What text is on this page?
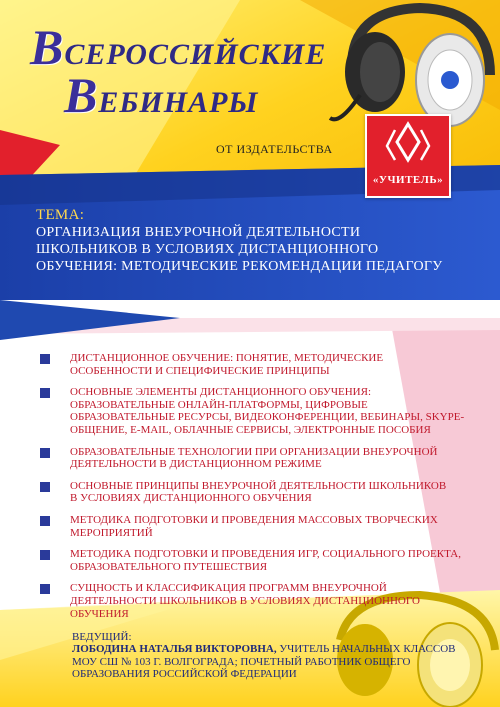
ВСЕРОССИЙСКИЕ
ВЕБИНАРЫ
ОТ ИЗДАТЕЛЬСТВА
«УЧИТЕЛЬ»
ТЕМА:
ОРГАНИЗАЦИЯ ВНЕУРОЧНОЙ ДЕЯТЕЛЬНОСТИ
ШКОЛЬНИКОВ В УСЛОВИЯХ ДИСТАНЦИОННОГО
ОБУЧЕНИЯ: МЕТОДИЧЕСКИЕ РЕКОМЕНДАЦИИ ПЕДАГОГУ
ДИСТАНЦИОННОЕ ОБУЧЕНИЕ: ПОНЯТИЕ, МЕТОДИЧЕСКИЕ
ОСОБЕННОСТИ И СПЕЦИФИЧЕСКИЕ ПРИНЦИПЫ
ОСНОВНЫЕ ЭЛЕМЕНТЫ ДИСТАНЦИОННОГО ОБУЧЕНИЯ:
ОБРАЗОВАТЕЛЬНЫЕ ОНЛАЙН-ПЛАТФОРМЫ, ЦИФРОВЫЕ
ОБРАЗОВАТЕЛЬНЫЕ РЕСУРСЫ, ВИДЕОКОНФЕРЕНЦИИ, ВЕБИНАРЫ, SKYPE-
ОБЩЕНИЕ, E-MAIL, ОБЛАЧНЫЕ СЕРВИСЫ, ЭЛЕКТРОННЫЕ ПОСОБИЯ
ОБРАЗОВАТЕЛЬНЫЕ ТЕХНОЛОГИИ ПРИ ОРГАНИЗАЦИИ ВНЕУРОЧНОЙ
ДЕЯТЕЛЬНОСТИ В ДИСТАНЦИОННОМ РЕЖИМЕ
ОСНОВНЫЕ ПРИНЦИПЫ ВНЕУРОЧНОЙ ДЕЯТЕЛЬНОСТИ ШКОЛЬНИКОВ
В УСЛОВИЯХ ДИСТАНЦИОННОГО ОБУЧЕНИЯ
МЕТОДИКА ПОДГОТОВКИ И ПРОВЕДЕНИЯ МАССОВЫХ ТВОРЧЕСКИХ
МЕРОПРИЯТИЙ
МЕТОДИКА ПОДГОТОВКИ И ПРОВЕДЕНИЯ ИГР, СОЦИАЛЬНОГО ПРОЕКТА,
ОБРАЗОВАТЕЛЬНОГО ПУТЕШЕСТВИЯ
СУЩНОСТЬ И КЛАССИФИКАЦИЯ ПРОГРАММ ВНЕУРОЧНОЙ
ДЕЯТЕЛЬНОСТИ ШКОЛЬНИКОВ В УСЛОВИЯХ ДИСТАНЦИОННОГО
ОБУЧЕНИЯ
ВЕДУЩИЙ:
ЛОБОДИНА НАТАЛЬЯ ВИКТОРОВНА, УЧИТЕЛЬ НАЧАЛЬНЫХ КЛАССОВ
МОУ СШ № 103 Г. ВОЛГОГРАДА; ПОЧЕТНЫЙ РАБОТНИК ОБЩЕГО
ОБРАЗОВАНИЯ РОССИЙСКОЙ ФЕДЕРАЦИИ
